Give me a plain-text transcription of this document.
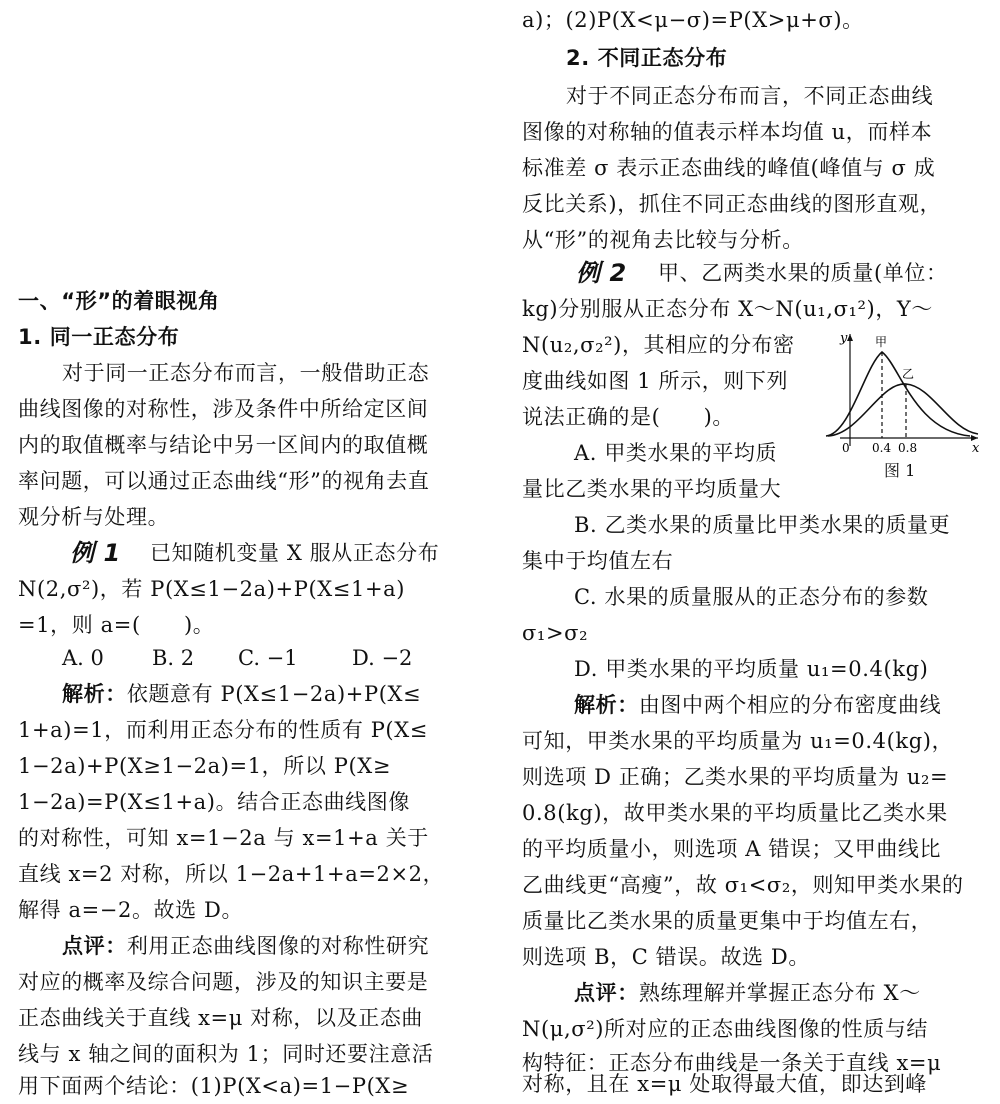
一、“形”的着眼视角
1. 同一正态分布
对于同一正态分布而言，一般借助正态
曲线图像的对称性，涉及条件中所给定区间
内的取值概率与结论中另一区间内的取值概
率问题，可以通过正态曲线“形”的视角去直
观分析与处理。
例 1 已知随机变量 X 服从正态分布
N(2,σ²)，若 P(X≤1−2a)+P(X≤1+a)
=1，则 a=(　　)。
A. 0 B. 2 C. −1	D. −2
解析：依题意有 P(X≤1−2a)+P(X≤
1+a)=1，而利用正态分布的性质有 P(X≤
1−2a)+P(X≥1−2a)=1，所以 P(X≥
1−2a)=P(X≤1+a)。结合正态曲线图像
的对称性，可知 x=1−2a 与 x=1+a 关于
直线 x=2 对称，所以 1−2a+1+a=2×2，
解得 a=−2。故选 D。
点评：利用正态曲线图像的对称性研究
对应的概率及综合问题，涉及的知识主要是
正态曲线关于直线 x=μ 对称，以及正态曲
线与 x 轴之间的面积为 1；同时还要注意活
用下面两个结论：(1)P(X<a)=1−P(X≥
a)；(2)P(X<μ−σ)=P(X>μ+σ)。
2. 不同正态分布
对于不同正态分布而言，不同正态曲线
图像的对称轴的值表示样本均值 u，而样本
标准差 σ 表示正态曲线的峰值(峰值与 σ 成
反比关系)，抓住不同正态曲线的图形直观，
从“形”的视角去比较与分析。
例 2 甲、乙两类水果的质量(单位：
kg)分别服从正态分布 X～N(u₁,σ₁²)，Y～
N(u₂,σ₂²)，其相应的分布密
度曲线如图 1 所示，则下列
说法正确的是(　　)。
A. 甲类水果的平均质
量比乙类水果的平均质量大
B. 乙类水果的质量比甲类水果的质量更
集中于均值左右
C. 水果的质量服从的正态分布的参数
σ₁>σ₂
D. 甲类水果的平均质量 u₁=0.4(kg)
解析：由图中两个相应的分布密度曲线
可知，甲类水果的平均质量为 u₁=0.4(kg)，
则选项 D 正确；乙类水果的平均质量为 u₂=
0.8(kg)，故甲类水果的平均质量比乙类水果
的平均质量小，则选项 A 错误；又甲曲线比
乙曲线更“高瘦”，故 σ₁<σ₂，则知甲类水果的
质量比乙类水果的质量更集中于均值左右，
则选项 B，C 错误。故选 D。
点评：熟练理解并掌握正态分布 X～
N(μ,σ²)所对应的正态曲线图像的性质与结
构特征：正态分布曲线是一条关于直线 x=μ
对称，且在 x=μ 处取得最大值，即达到峰
y
x
0 0.4 0.8
甲
乙
图 1
